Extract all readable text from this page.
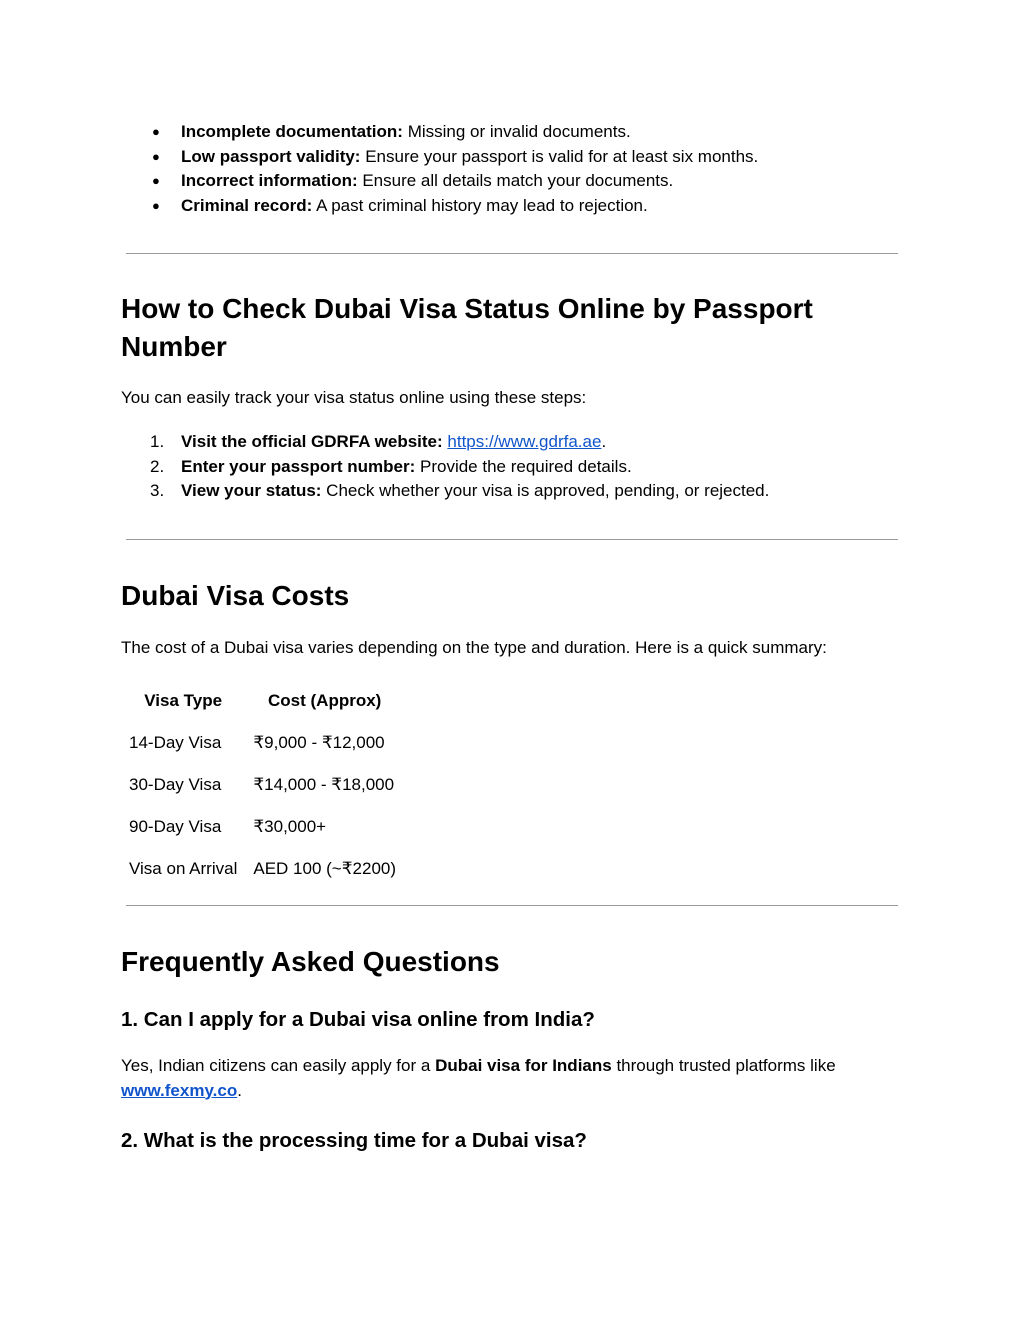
● Incomplete documentation: Missing or invalid documents.
● Low passport validity: Ensure your passport is valid for at least six months.
● Incorrect information: Ensure all details match your documents.
● Criminal record: A past criminal history may lead to rejection.
How to Check Dubai Visa Status Online by Passport
Number

You can easily track your visa status online using these steps:

1. Visit the official GDRFA website: https://www.gdrfa.ae.
2. Enter your passport number: Provide the required details.
3. View your status: Check whether your visa is approved, pending, or rejected.
Dubai Visa Costs

The cost of a Dubai visa varies depending on the type and duration. Here is a quick summary:

Visa Type	Cost (Approx)
14-Day Visa	₹9,000 - ₹12,000
30-Day Visa	₹14,000 - ₹18,000
90-Day Visa	₹30,000+
Visa on Arrival	AED 100 (~₹2200)
Frequently Asked Questions
1. Can I apply for a Dubai visa online from India?

Yes, Indian citizens can easily apply for a Dubai visa for Indians through trusted platforms like
www.fexmy.co.

2. What is the processing time for a Dubai visa?
